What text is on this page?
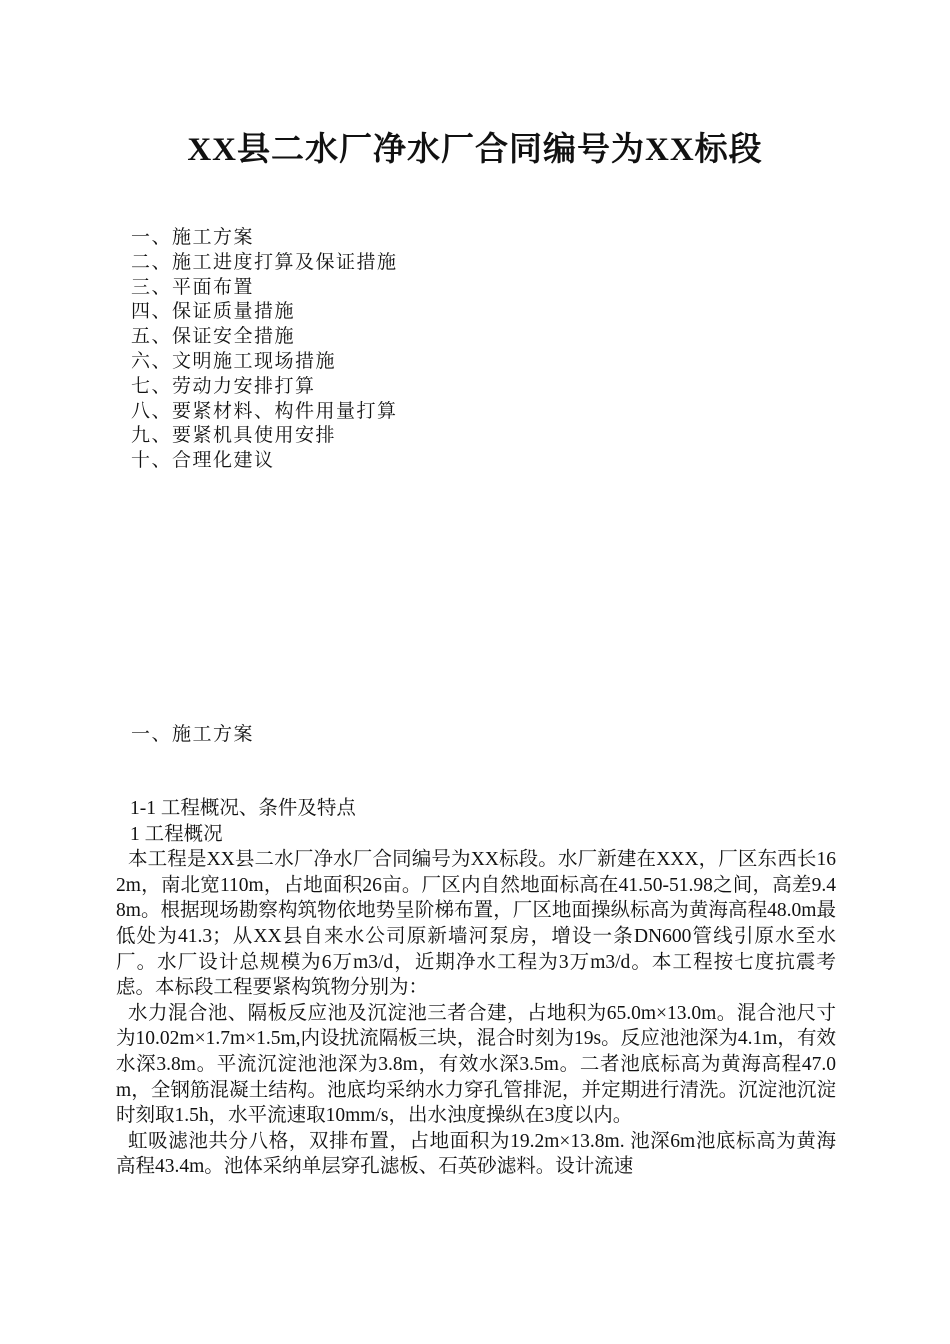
XX县二水厂净水厂合同编号为XX标段
一、施工方案
二、施工进度打算及保证措施
三、平面布置
四、保证质量措施
五、保证安全措施
六、文明施工现场措施
七、劳动力安排打算
八、要紧材料、构件用量打算
九、要紧机具使用安排
十、合理化建议
一、施工方案

1-1 工程概况、条件及特点

1 工程概况

本工程是XX县二水厂净水厂合同编号为XX标段。水厂新建在XXX，厂区东西长162m，南北宽110m，占地面积26亩。厂区内自然地面标高在41.50-51.98之间，高差9.48m。根据现场勘察构筑物依地势呈阶梯布置，厂区地面操纵标高为黄海高程48.0m最低处为41.3；从XX县自来水公司原新墙河泵房，增设一条DN600管线引原水至水厂。水厂设计总规模为6万m3/d，近期净水工程为3万m3/d。本工程按七度抗震考虑。本标段工程要紧构筑物分别为：

水力混合池、隔板反应池及沉淀池三者合建，占地积为65.0m×13.0m。混合池尺寸为10.02m×1.7m×1.5m,内设扰流隔板三块，混合时刻为19s。反应池池深为4.1m，有效水深3.8m。平流沉淀池池深为3.8m，有效水深3.5m。二者池底标高为黄海高程47.0m，全钢筋混凝土结构。池底均采纳水力穿孔管排泥，并定期进行清洗。沉淀池沉淀时刻取1.5h，水平流速取10mm/s，出水浊度操纵在3度以内。

虹吸滤池共分八格，双排布置，占地面积为19.2m×13.8m. 池深6m池底标高为黄海高程43.4m。池体采纳单层穿孔滤板、石英砂滤料。设计流速
